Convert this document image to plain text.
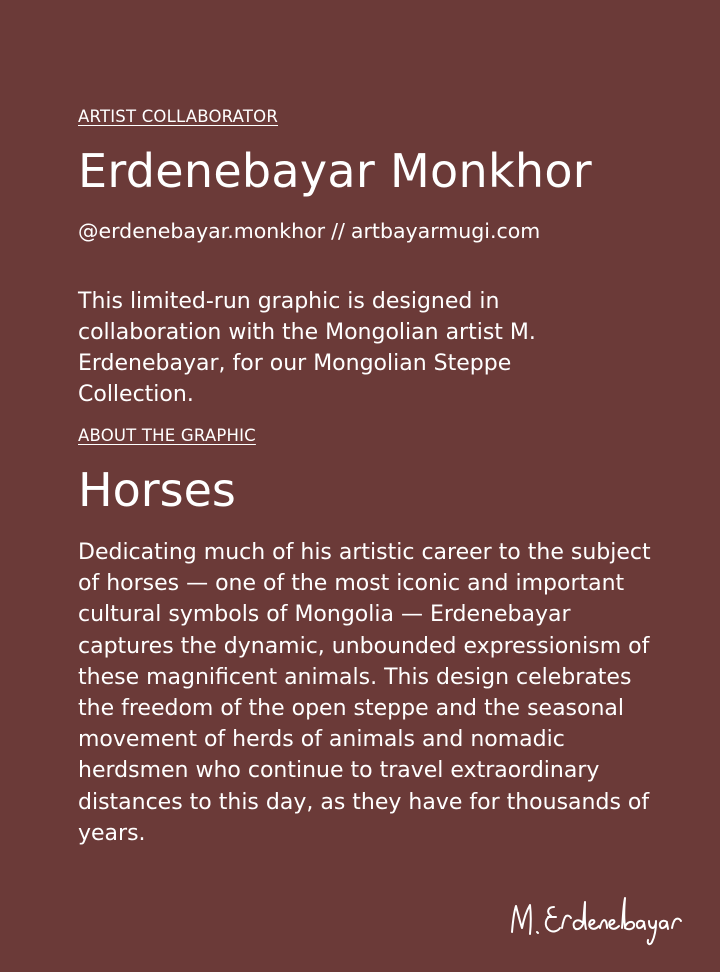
ARTIST COLLABORATOR
Erdenebayar Monkhor
@erdenebayar.monkhor // artbayarmugi.com

This limited-run graphic is designed in collaboration with the Mongolian artist M. Erdenebayar, for our Mongolian Steppe Collection.

ABOUT THE GRAPHIC
Horses

Dedicating much of his artistic career to the subject of horses — one of the most iconic and important cultural symbols of Mongolia — Erdenebayar captures the dynamic, unbounded expressionism of these magnificent animals. This design celebrates the freedom of the open steppe and the seasonal movement of herds of animals and nomadic herdsmen who continue to travel extraordinary distances to this day, as they have for thousands of years.
